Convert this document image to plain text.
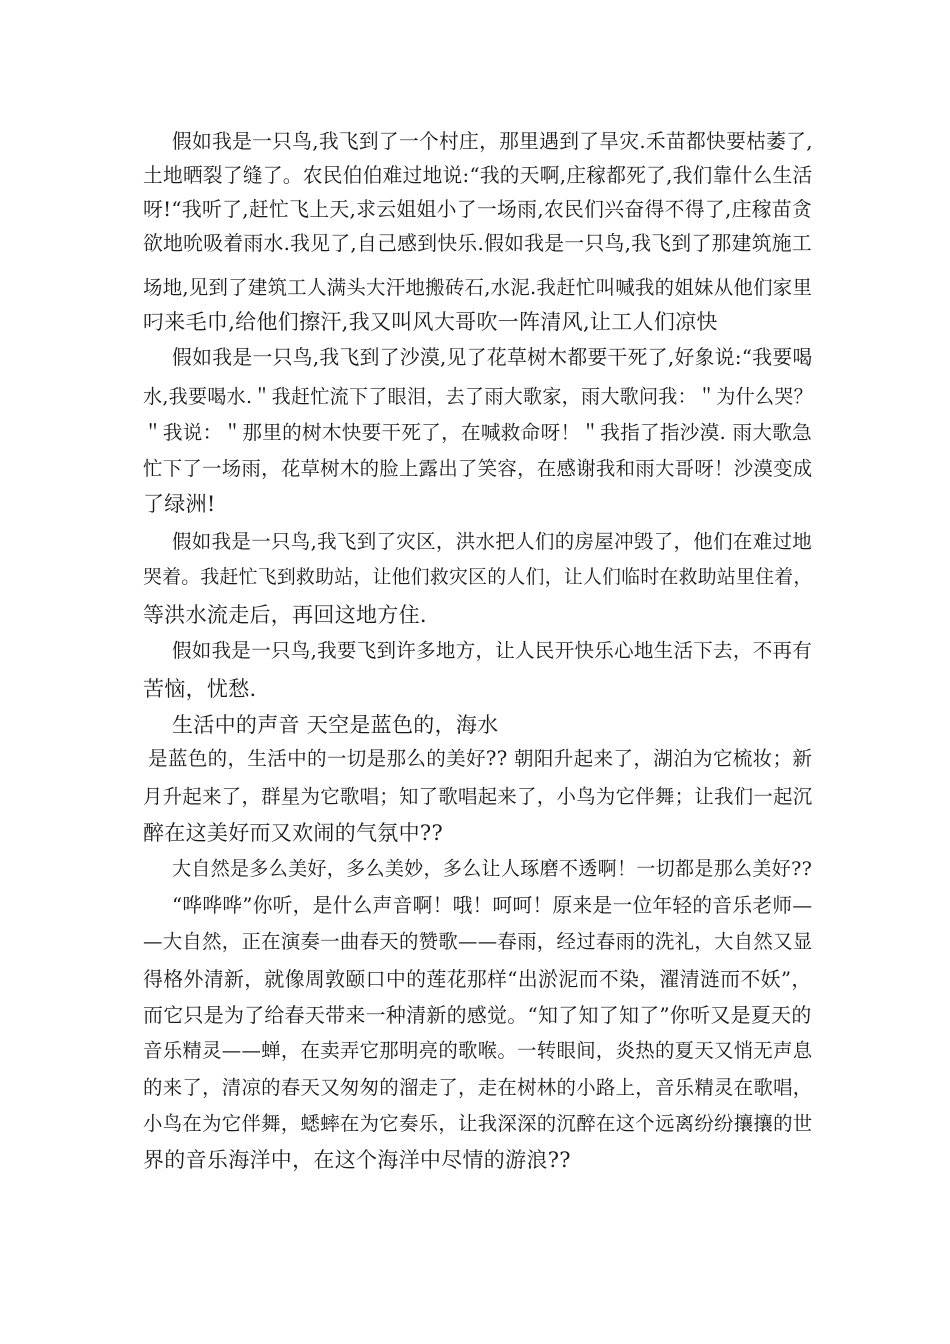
假如我是一只鸟,我飞到了一个村庄，那里遇到了旱灾.禾苗都快要枯萎了,
土地晒裂了缝了。农民伯伯难过地说:“我的天啊,庄稼都死了,我们靠什么生活
呀!“我听了,赶忙飞上天,求云姐姐小了一场雨,农民们兴奋得不得了,庄稼苗贪
欲地吮吸着雨水.我见了,自己感到快乐.假如我是一只鸟,我飞到了那建筑施工
场地,见到了建筑工人满头大汗地搬砖石,水泥.我赶忙叫喊我的姐妹从他们家里
叼来毛巾,给他们擦汗,我又叫风大哥吹一阵清风,让工人们凉快
假如我是一只鸟,我飞到了沙漠,见了花草树木都要干死了,好象说:“我要喝
水,我要喝水.＂我赶忙流下了眼泪，去了雨大歌家，雨大歌问我：＂为什么哭？
＂我说：＂那里的树木快要干死了，在喊救命呀！＂我指了指沙漠. 雨大歌急
忙下了一场雨，花草树木的脸上露出了笑容，在感谢我和雨大哥呀！沙漠变成
了绿洲!
假如我是一只鸟,我飞到了灾区，洪水把人们的房屋冲毁了，他们在难过地
哭着。我赶忙飞到救助站，让他们救灾区的人们，让人们临时在救助站里住着，
等洪水流走后，再回这地方住.
假如我是一只鸟,我要飞到许多地方，让人民开快乐心地生活下去，不再有
苦恼，忧愁.
生活中的声音 天空是蓝色的，海水
是蓝色的，生活中的一切是那么的美好?? 朝阳升起来了，湖泊为它梳妆；新
月升起来了，群星为它歌唱；知了歌唱起来了，小鸟为它伴舞；让我们一起沉
醉在这美好而又欢闹的气氛中??
大自然是多么美好，多么美妙，多么让人琢磨不透啊！一切都是那么美好??
“哗哗哗”你听，是什么声音啊！哦！呵呵！原来是一位年轻的音乐老师—
—大自然，正在演奏一曲春天的赞歌——春雨，经过春雨的洗礼，大自然又显
得格外清新，就像周敦颐口中的莲花那样“出淤泥而不染，濯清涟而不妖”，
而它只是为了给春天带来一种清新的感觉。“知了知了知了”你听又是夏天的
音乐精灵——蝉，在卖弄它那明亮的歌喉。一转眼间，炎热的夏天又悄无声息
的来了，清凉的春天又匆匆的溜走了，走在树林的小路上，音乐精灵在歌唱，
小鸟在为它伴舞，蟋蟀在为它奏乐，让我深深的沉醉在这个远离纷纷攘攘的世
界的音乐海洋中，在这个海洋中尽情的游浪??
